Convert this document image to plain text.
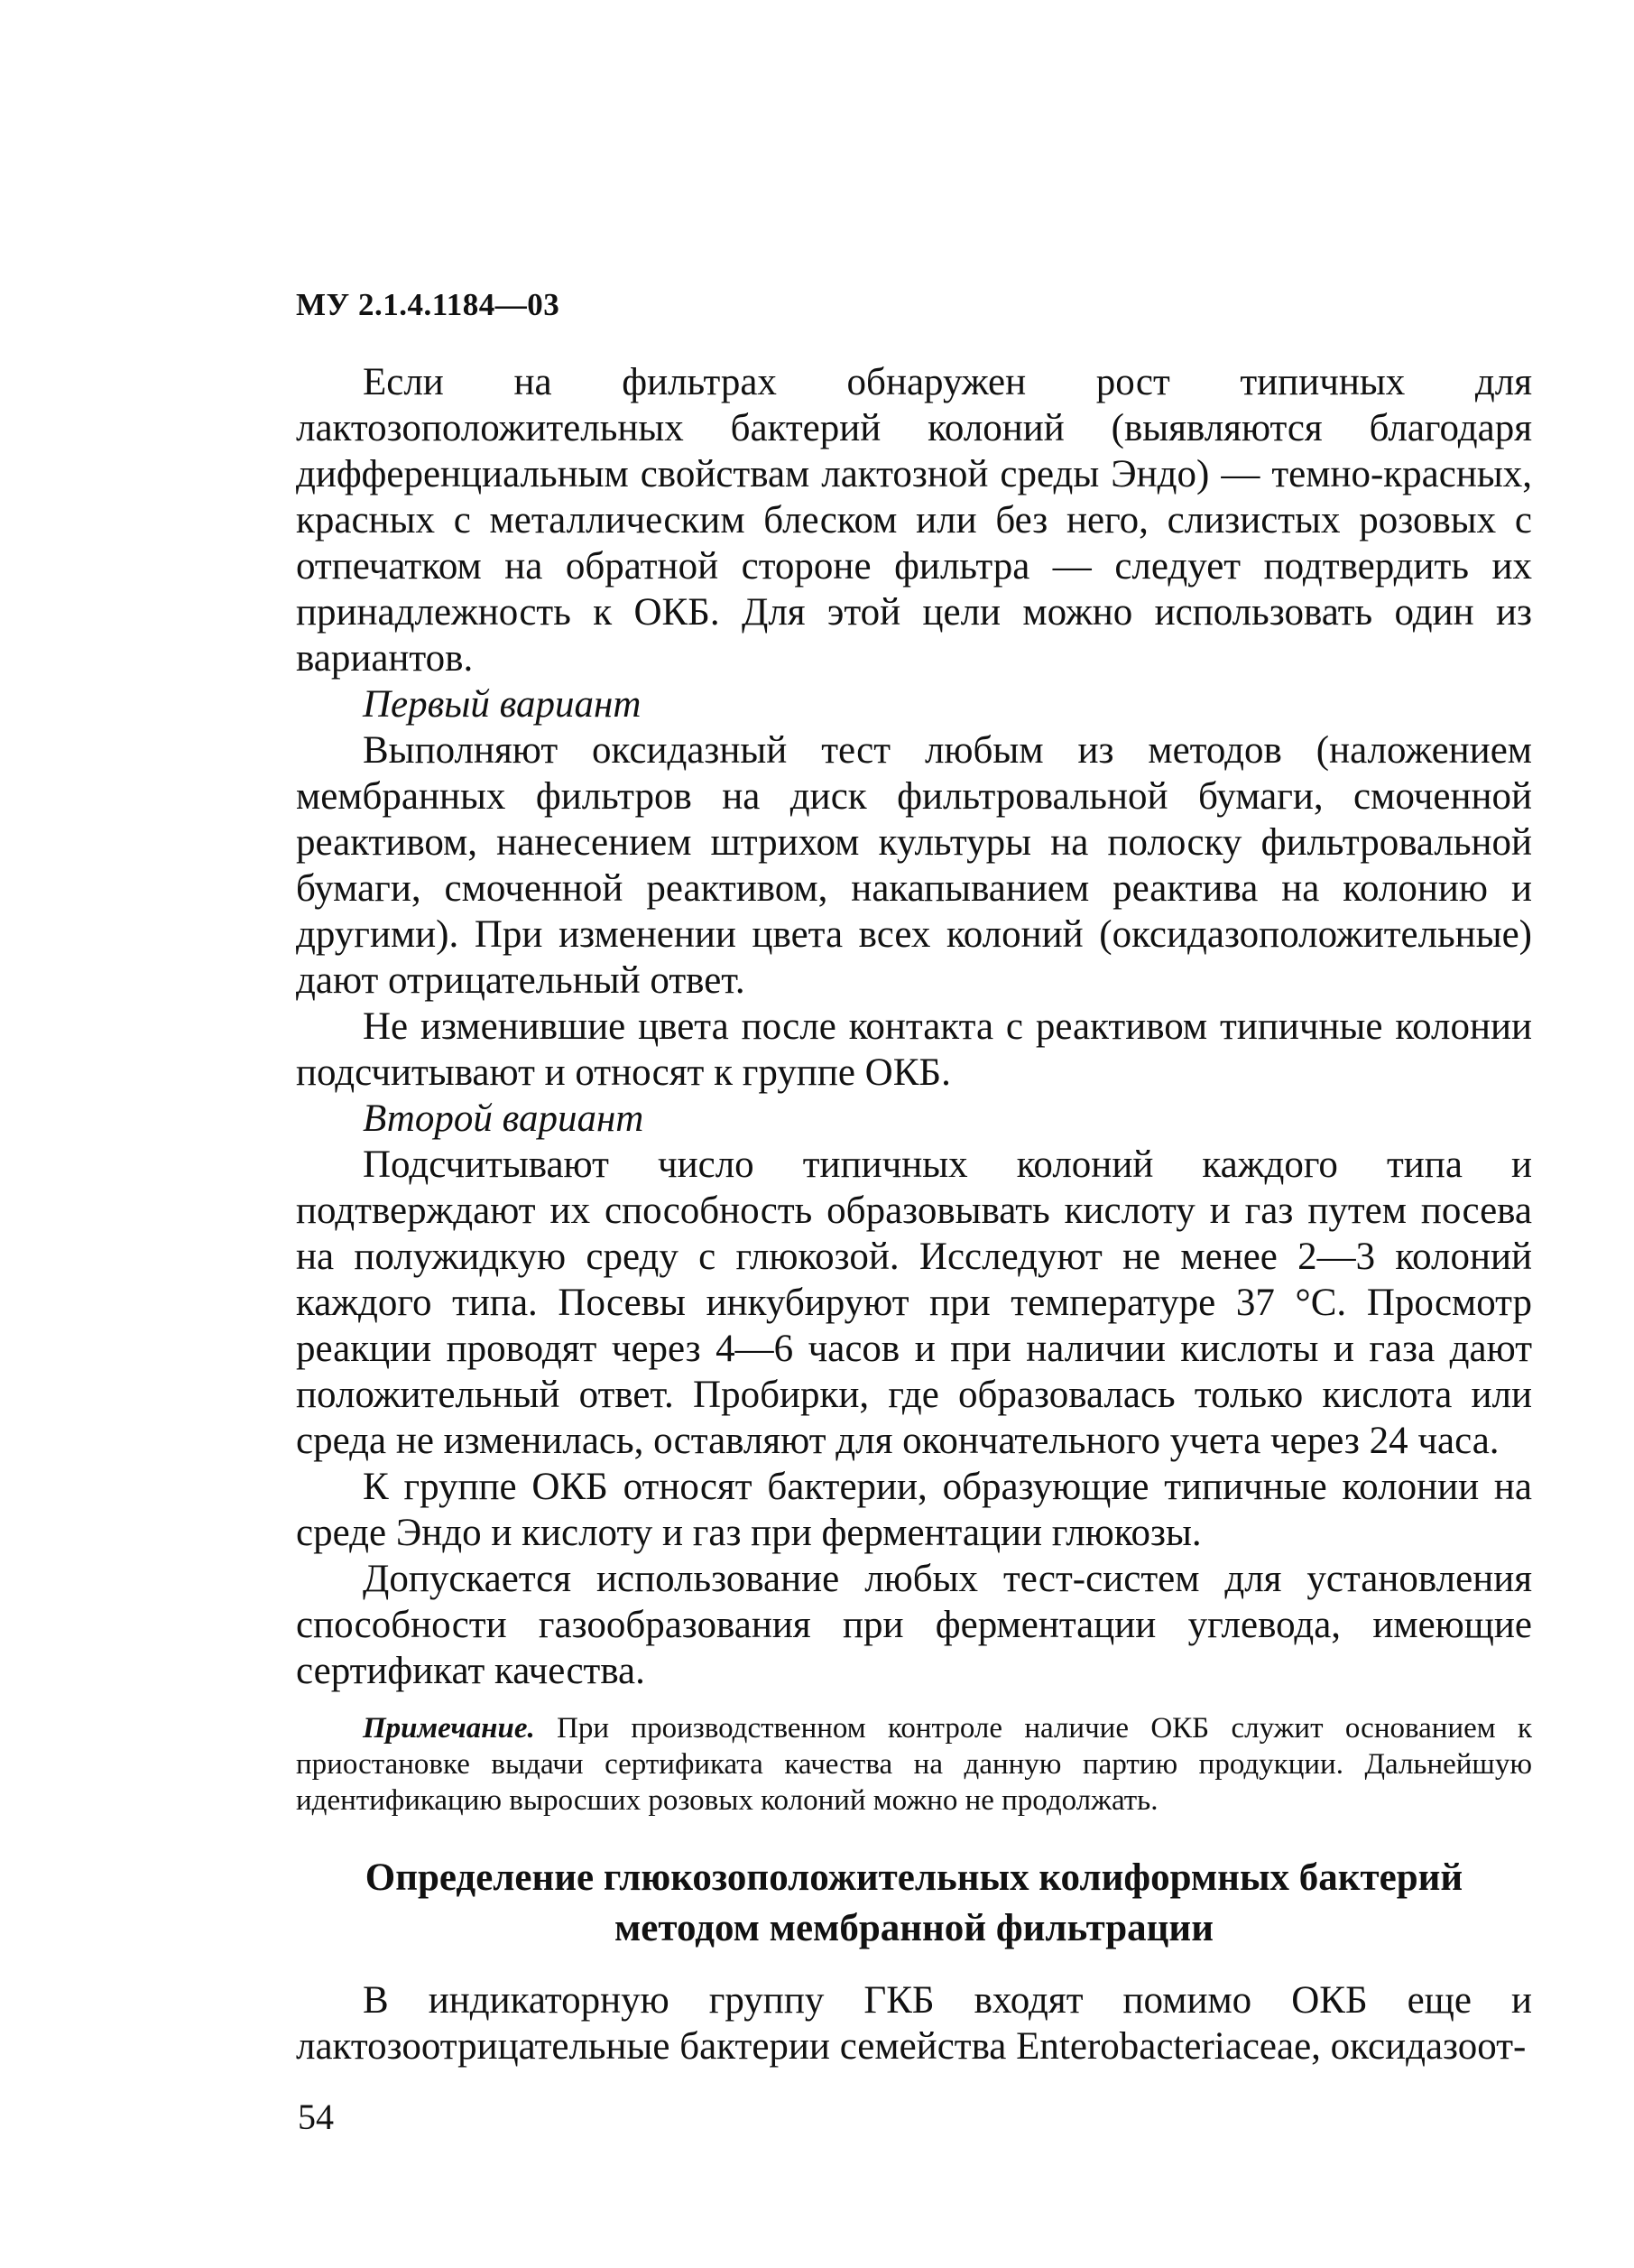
МУ 2.1.4.1184—03

Если на фильтрах обнаружен рост типичных для лактозоположительных бактерий колоний (выявляются благодаря дифференциальным свойствам лактозной среды Эндо) — темно-красных, красных с металлическим блеском или без него, слизистых розовых с отпечатком на обратной стороне фильтра — следует подтвердить их принадлежность к ОКБ. Для этой цели можно использовать один из вариантов.

Первый вариант

Выполняют оксидазный тест любым из методов (наложением мембранных фильтров на диск фильтровальной бумаги, смоченной реактивом, нанесением штрихом культуры на полоску фильтровальной бумаги, смоченной реактивом, накапыванием реактива на колонию и другими). При изменении цвета всех колоний (оксидазоположительные) дают отрицательный ответ.

Не изменившие цвета после контакта с реактивом типичные колонии подсчитывают и относят к группе ОКБ.

Второй вариант

Подсчитывают число типичных колоний каждого типа и подтверждают их способность образовывать кислоту и газ путем посева на полужидкую среду с глюкозой. Исследуют не менее 2—3 колоний каждого типа. Посевы инкубируют при температуре 37 °С. Просмотр реакции проводят через 4—6 часов и при наличии кислоты и газа дают положительный ответ. Пробирки, где образовалась только кислота или среда не изменилась, оставляют для окончательного учета через 24 часа.

К группе ОКБ относят бактерии, образующие типичные колонии на среде Эндо и кислоту и газ при ферментации глюкозы.

Допускается использование любых тест-систем для установления способности газообразования при ферментации углевода, имеющие сертификат качества.

Примечание. При производственном контроле наличие ОКБ служит основанием к приостановке выдачи сертификата качества на данную партию продукции. Дальнейшую идентификацию выросших розовых колоний можно не продолжать.

Определение глюкозоположительных колиформных бактерий методом мембранной фильтрации

В индикаторную группу ГКБ входят помимо ОКБ еще и лактозоотрицательные бактерии семейства Enterobacteriaceae, оксидазоот-

54
